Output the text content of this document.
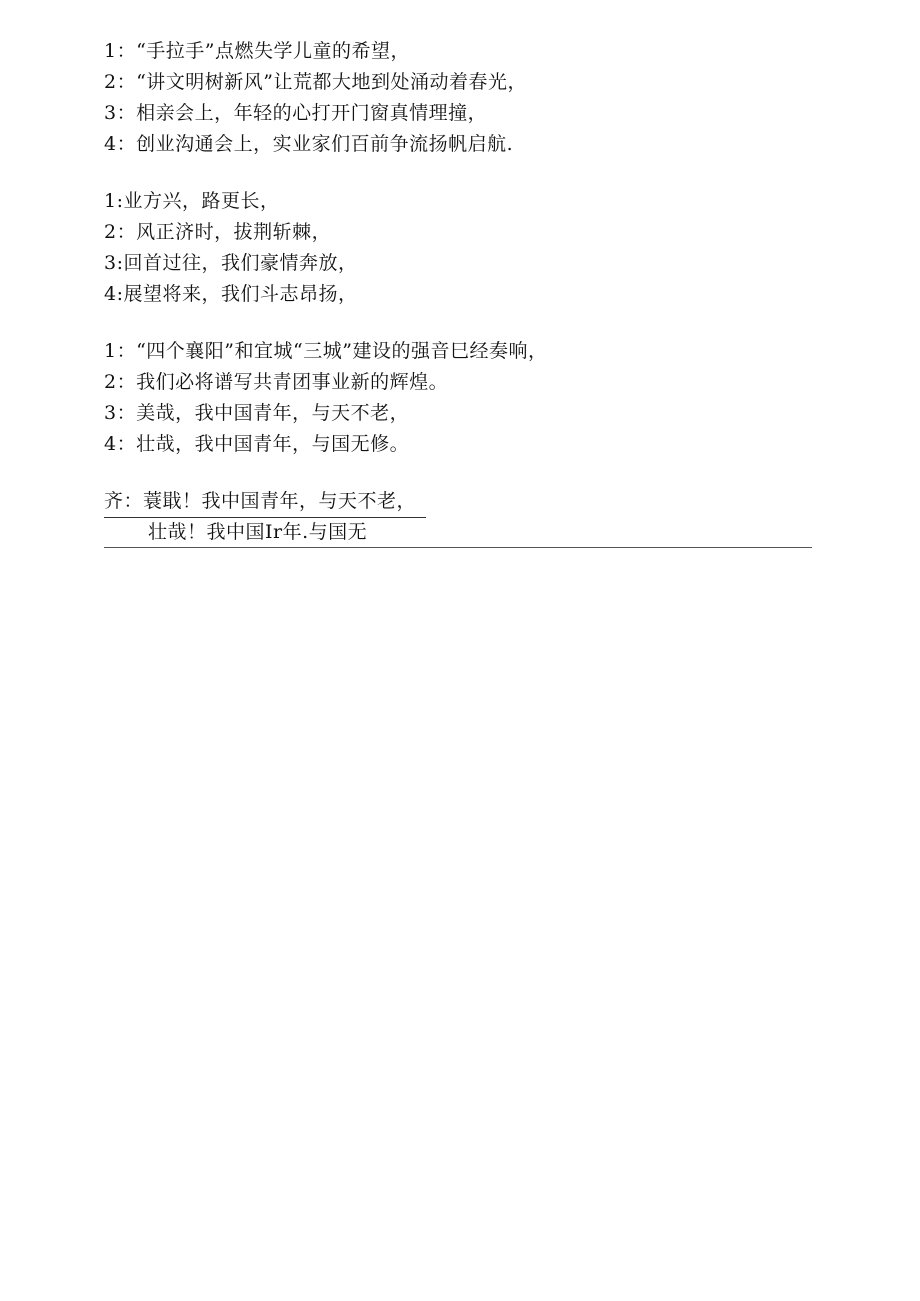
1：“手拉手”点燃失学儿童的希望，
2：“讲文明树新风”让荒都大地到处涌动着春光，
3：相亲会上，年轻的心打开门窗真情理撞，
4：创业沟通会上，实业家们百前争流扬帆启航.
1:业方兴，路更长，
2：风正济时，拔荆斩棘，
3:回首过往，我们豪情奔放，
4:展望将来，我们斗志昂扬，
1：“四个襄阳”和宜城“三城”建设的强音巳经奏响，
2：我们必将谱写共青团事业新的辉煌。
3：美哉，我中国青年，与天不老，
4：壮哉，我中国青年，与国无修。
齐：蓑戢！我中国青年，与天不老，
壮哉！我中国Ir年.与国无
